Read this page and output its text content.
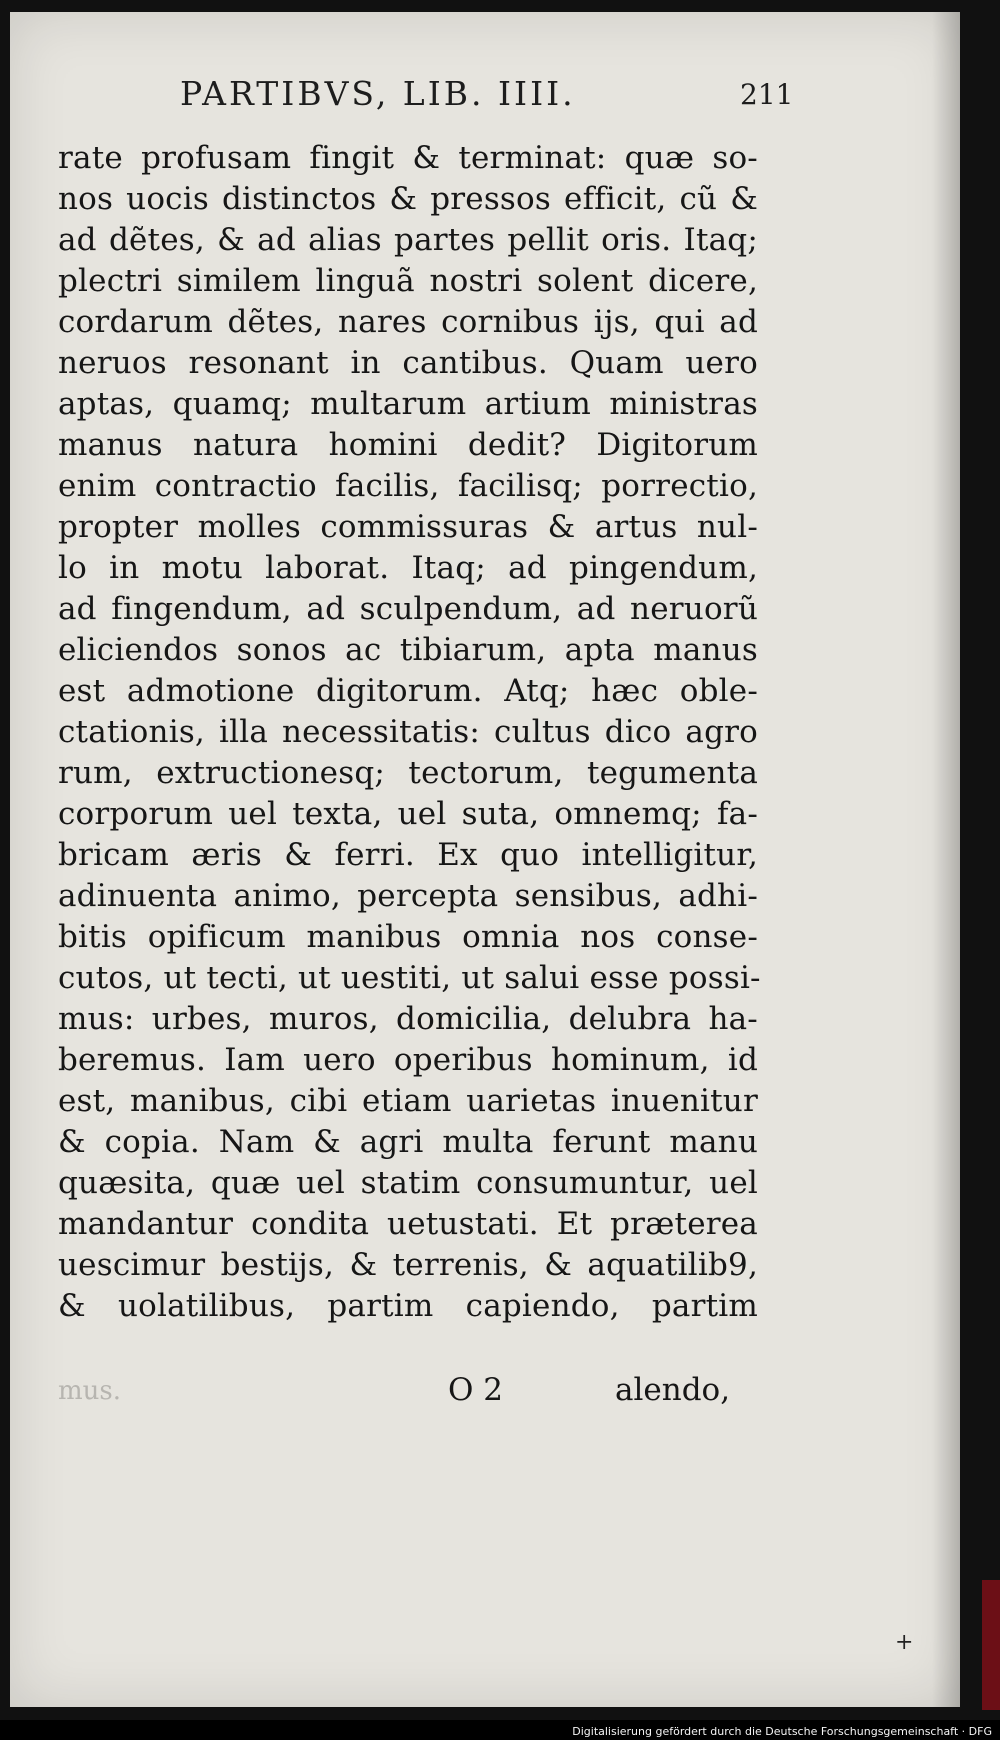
PARTIBVS, LIB. IIII.	211
rate profusam fingit & terminat: quæ so-
nos uocis distinctos & pressos efficit, cũ &
ad dẽtes, & ad alias partes pellit oris. Itaq;
plectri similem linguã nostri solent dicere,
cordarum dẽtes, nares cornibus ijs, qui ad
neruos resonant in cantibus. Quam uero
aptas, quamq; multarum artium ministras
manus natura homini dedit? Digitorum
enim contractio facilis, facilisq; porrectio,
propter molles commissuras & artus nul-
lo in motu laborat. Itaq; ad pingendum,
ad fingendum, ad sculpendum, ad neruorũ
eliciendos sonos ac tibiarum, apta manus
est admotione digitorum. Atq; hæc oble-
ctationis, illa necessitatis: cultus dico agro
rum, extructionesq; tectorum, tegumenta
corporum uel texta, uel suta, omnemq; fa-
bricam æris & ferri. Ex quo intelligitur,
adinuenta animo, percepta sensibus, adhi-
bitis opificum manibus omnia nos conse-
cutos, ut tecti, ut uestiti, ut salui esse possi-
mus: urbes, muros, domicilia, delubra ha-
beremus. Iam uero operibus hominum, id
est, manibus, cibi etiam uarietas inuenitur
& copia. Nam & agri multa ferunt manu
quæsita, quæ uel statim consumuntur, uel
mandantur condita uetustati. Et præterea
uescimur bestijs, & terrenis, & aquatilib9,
& uolatilibus, partim capiendo, partim
mus.	O 2	alendo,
+
Digitalisierung gefördert durch die Deutsche Forschungsgemeinschaft · DFG
